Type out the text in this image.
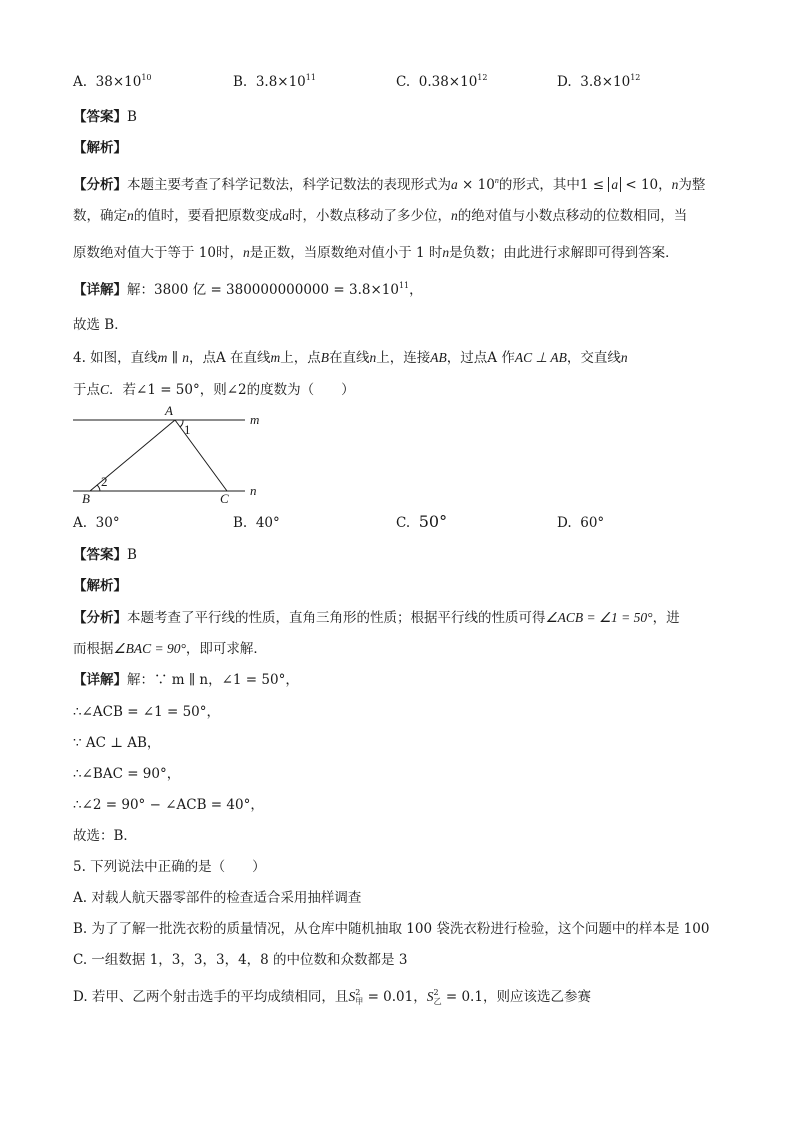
A. $38\times 10^{10}$	B. $3.8\times 10^{11}$	C. $0.38\times 10^{12}$	D. $3.8\times 10^{12}$
【答案】B
【解析】
【分析】本题主要考查了科学记数法，科学记数法的表现形式为$a \times 10^n$的形式，其中1 ≤ a < 10，n为整
数，确定n的值时，要看把原数变成a时，小数点移动了多少位，n的绝对值与小数点移动的位数相同，当
原数绝对值大于等于 10时，n是正数，当原数绝对值小于 1 时n是负数；由此进行求解即可得到答案．
【详解】解：3800 亿 = $380000000000 = 3.8\times 10^{11}$，
故选 B．
4. 如图，直线m ∥ n，点A 在直线m上，点B在直线n上，连接AB，过点A 作AC ⊥ AB，交直线n
于点C．若∠1 = 50°，则∠2的度数为（　　）
A
1
m
2
B	C
n
A. 30°	B. 40°	C. 50°	D. 60°
【答案】B
【解析】
【分析】本题考查了平行线的性质，直角三角形的性质；根据平行线的性质可得∠ACB = ∠1 = 50°，进
而根据∠BAC = 90°，即可求解．
【详解】解：∵ m ∥ n，∠1 = 50°，
∴∠ACB = ∠1 = 50°，
∵ AC ⊥ AB，
∴∠BAC = 90°，
∴∠2 = 90° − ∠ACB = 40°，
故选：B．
5. 下列说法中正确的是（　　）
A. 对载人航天器零部件的检查适合采用抽样调查
B. 为了了解一批洗衣粉的质量情况，从仓库中随机抽取 100 袋洗衣粉进行检验，这个问题中的样本是 100
C. 一组数据 1，3，3，3，4，8 的中位数和众数都是 3
D. 若甲、乙两个射击选手的平均成绩相同，且$S^2_甲 = 0.01$，$S^2_乙 = 0.1$，则应该选乙参赛
